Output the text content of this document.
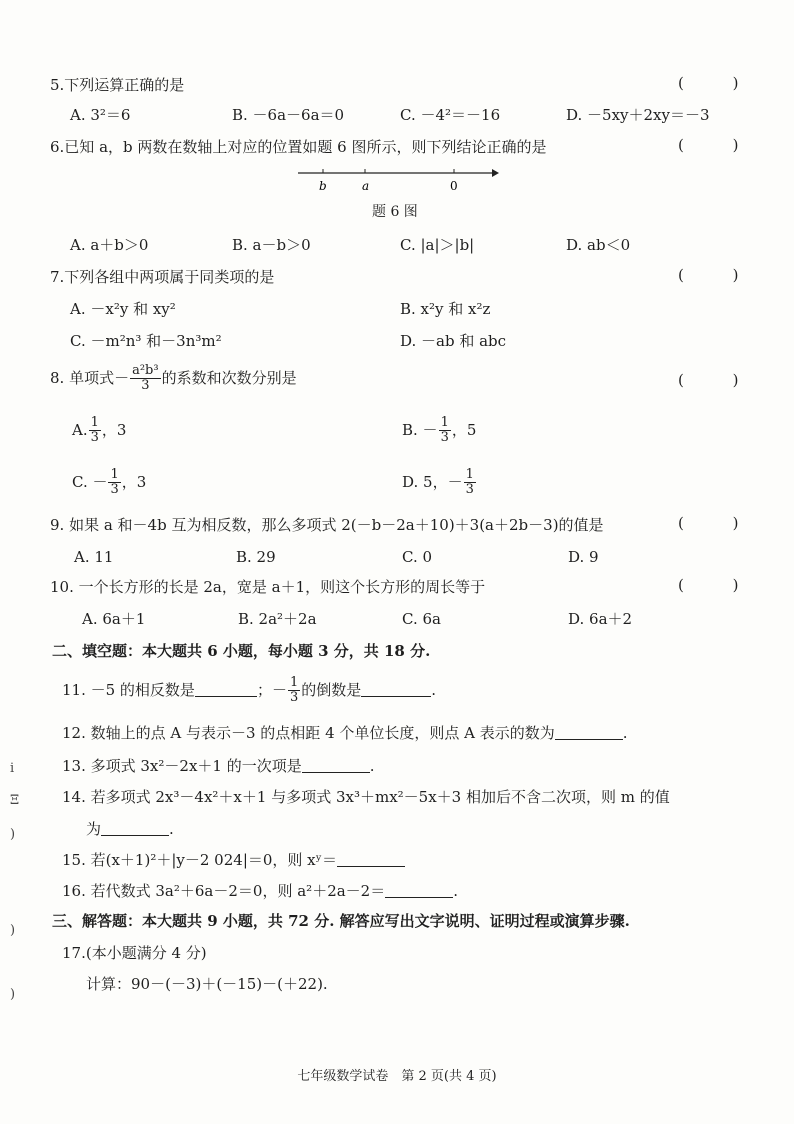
5.下列运算正确的是	( )
A. 3²＝6	B. －6a－6a＝0	C. －4²＝－16	D. －5xy＋2xy＝－3
6.已知 a，b 两数在数轴上对应的位置如题 6 图所示，则下列结论正确的是	( )
b	a	0
题 6 图
A. a＋b＞0	B. a－b＞0	C. |a|＞|b|	D. ab＜0
7.下列各组中两项属于同类项的是	( )
A. －x²y 和 xy²	B. x²y 和 x²z
C. －m²n³ 和－3n³m²	D. －ab 和 abc
8. 单项式－ $\frac{\text{a²b³}}{3}$ 的系数和次数分别是	( )
A. $\frac{1}{3}$ ，3	B. － $\frac{1}{3}$ ，5
C. － $\frac{1}{3}$ ，3	D. 5，－ $\frac{1}{3}$
9. 如果 a 和－4b 互为相反数，那么多项式 2(－b－2a＋10)＋3(a＋2b－3)的值是	( )
A. 11	B. 29	C. 0	D. 9
10. 一个长方形的长是 2a，宽是 a＋1，则这个长方形的周长等于	( )
A. 6a＋1	B. 2a²＋2a	C. 6a	D. 6a＋2
二、填空题：本大题共 6 小题，每小题 3 分，共 18 分.
11. －5 的相反数是	；－ $\frac{1}{3}$ 的倒数是	.
12. 数轴上的点 A 与表示－3 的点相距 4 个单位长度，则点 A 表示的数为	.
13. 多项式 3x²－2x＋1 的一次项是	.
14. 若多项式 2x³－4x²＋x＋1 与多项式 3x³＋mx²－5x＋3 相加后不含二次项，则 m 的值
为	.
15. 若(x＋1)²＋|y－2 024|＝0，则 xʸ＝
16. 若代数式 3a²＋6a－2＝0，则 a²＋2a－2＝	.
三、解答题：本大题共 9 小题，共 72 分. 解答应写出文字说明、证明过程或演算步骤.
17.(本小题满分 4 分)
计算：90－(－3)＋(－15)－(＋22).
i
Ξ
)
)
)
七年级数学试卷　第 2 页(共 4 页)
